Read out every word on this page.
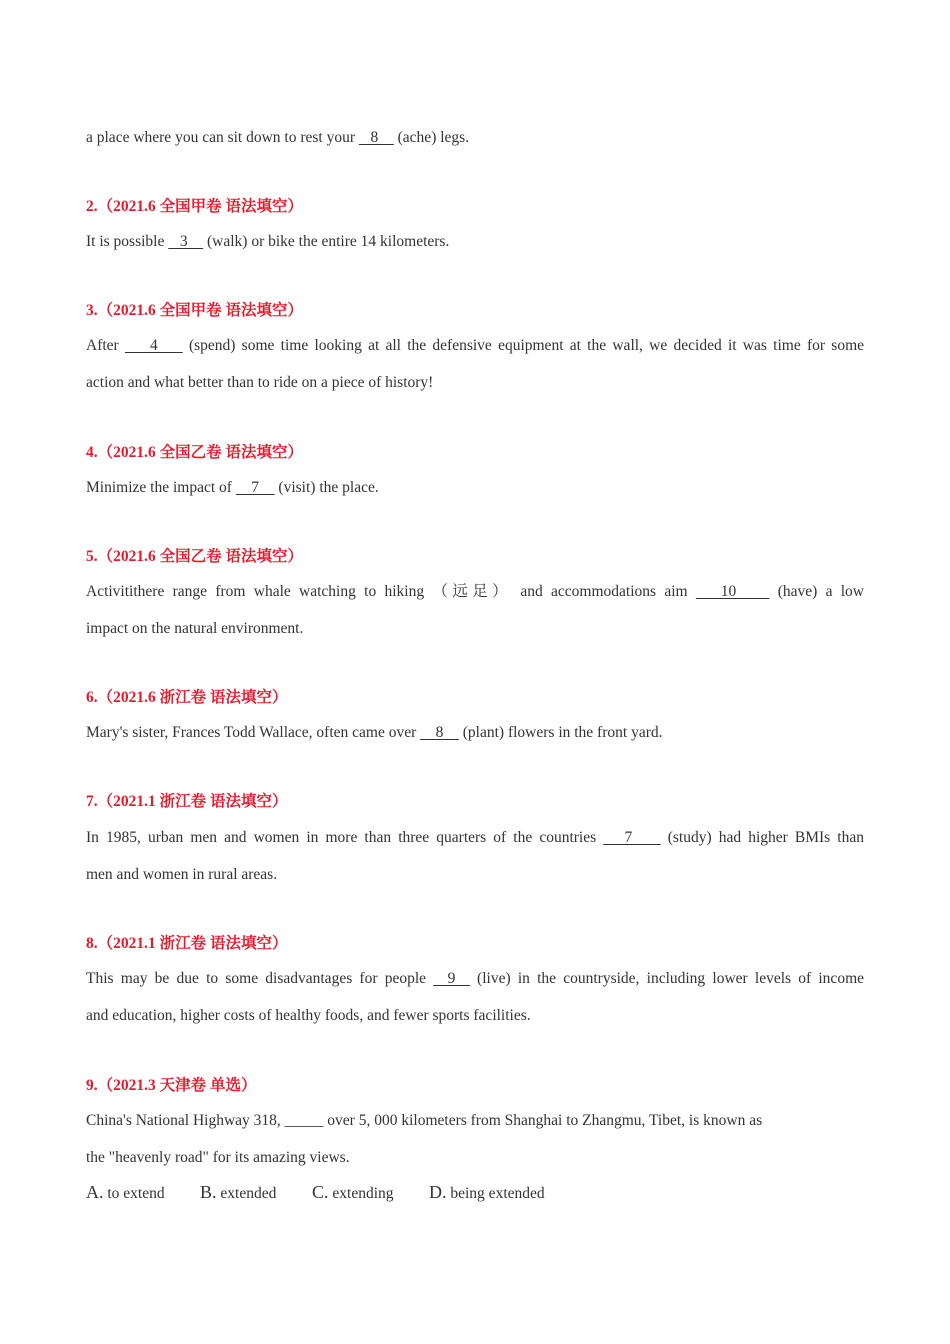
a place where you can sit down to rest your    8     (ache) legs.
2.（2021.6 全国甲卷 语法填空）
It is possible    3     (walk) or bike the entire 14 kilometers.
3.（2021.6 全国甲卷 语法填空）
After     4     (spend) some time looking at all the defensive equipment at the wall, we decided it was time for some
action and what better than to ride on a piece of history!
4.（2021.6 全国乙卷 语法填空）
Minimize the impact of     7     (visit) the place.
5.（2021.6 全国乙卷 语法填空）
Activitithere range from whale watching to hiking （远足） and accommodations aim    10     (have) a low
impact on the natural environment.
6.（2021.6 浙江卷 语法填空）
Mary's sister, Frances Todd Wallace, often came over     8     (plant) flowers in the front yard.
7.（2021.1 浙江卷 语法填空）
In 1985, urban men and women in more than three quarters of the countries    7     (study) had higher BMIs than
men and women in rural areas.
8.（2021.1 浙江卷 语法填空）
This may be due to some disadvantages for people   9   (live) in the countryside, including lower levels of income
and education, higher costs of healthy foods, and fewer sports facilities.
9.（2021.3 天津卷 单选）
China's National Highway 318, _____ over 5, 000 kilometers from Shanghai to Zhangmu, Tibet, is known as
the "heavenly road" for its amazing views.
A. to extend B. extended C. extending D. being extended
